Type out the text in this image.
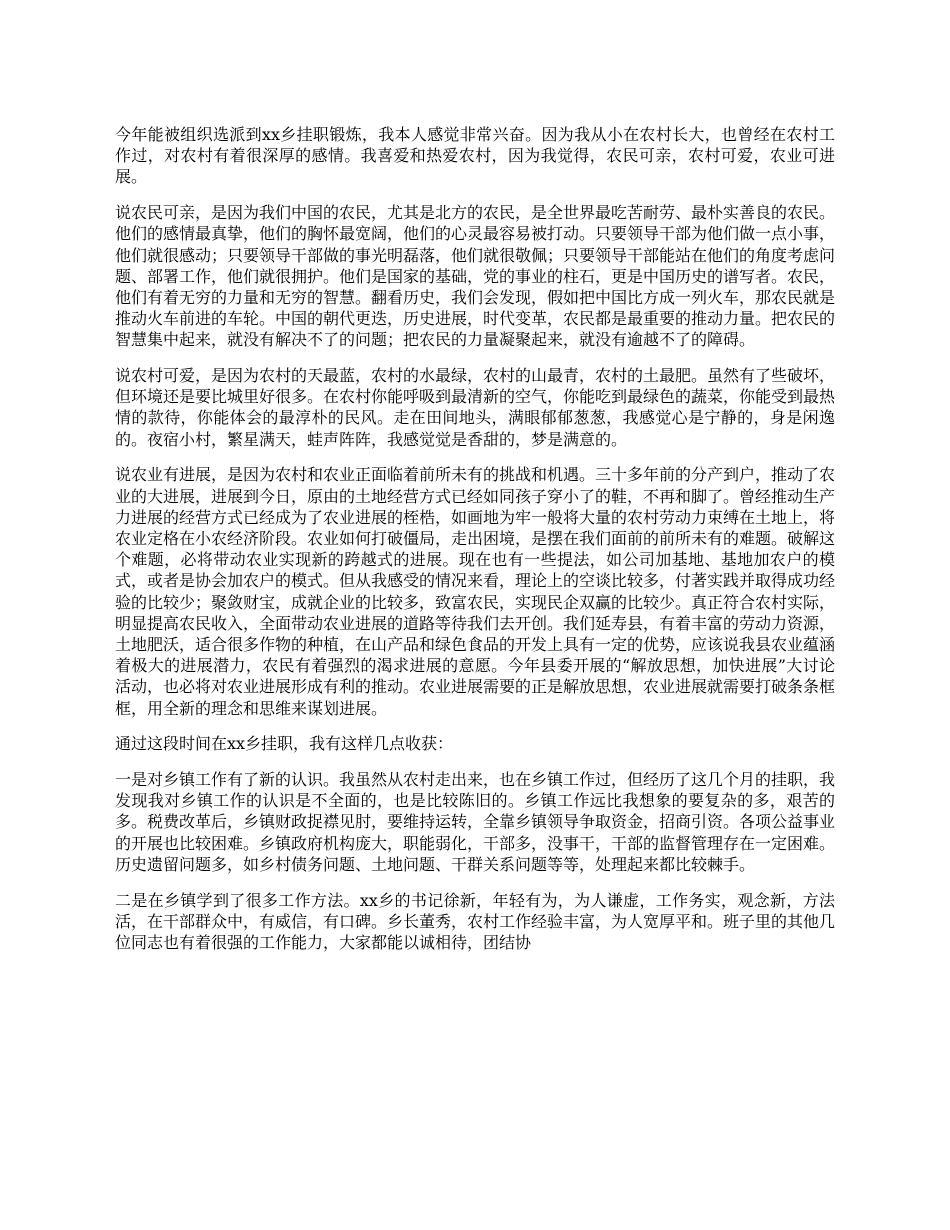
今年能被组织选派到xx乡挂职锻炼，我本人感觉非常兴奋。因为我从小在农村长大，也曾经在农村工作过，对农村有着很深厚的感情。我喜爱和热爱农村，因为我觉得，农民可亲，农村可爱，农业可进展。

说农民可亲，是因为我们中国的农民，尤其是北方的农民，是全世界最吃苦耐劳、最朴实善良的农民。他们的感情最真挚，他们的胸怀最宽阔，他们的心灵最容易被打动。只要领导干部为他们做一点小事，他们就很感动；只要领导干部做的事光明磊落，他们就很敬佩；只要领导干部能站在他们的角度考虑问题、部署工作，他们就很拥护。他们是国家的基础，党的事业的柱石，更是中国历史的谱写者。农民，他们有着无穷的力量和无穷的智慧。翻看历史，我们会发现，假如把中国比方成一列火车，那农民就是推动火车前进的车轮。中国的朝代更迭，历史进展，时代变革，农民都是最重要的推动力量。把农民的智慧集中起来，就没有解决不了的问题；把农民的力量凝聚起来，就没有逾越不了的障碍。

说农村可爱，是因为农村的天最蓝，农村的水最绿，农村的山最青，农村的土最肥。虽然有了些破坏，但环境还是要比城里好很多。在农村你能呼吸到最清新的空气，你能吃到最绿色的蔬菜，你能受到最热情的款待，你能体会的最淳朴的民风。走在田间地头，满眼郁郁葱葱，我感觉心是宁静的，身是闲逸的。夜宿小村，繁星满天，蛙声阵阵，我感觉觉是香甜的，梦是满意的。

说农业有进展，是因为农村和农业正面临着前所未有的挑战和机遇。三十多年前的分产到户，推动了农业的大进展，进展到今日，原由的土地经营方式已经如同孩子穿小了的鞋，不再和脚了。曾经推动生产力进展的经营方式已经成为了农业进展的桎梏，如画地为牢一般将大量的农村劳动力束缚在土地上，将农业定格在小农经济阶段。农业如何打破僵局，走出困境，是摆在我们面前的前所未有的难题。破解这个难题，必将带动农业实现新的跨越式的进展。现在也有一些提法，如公司加基地、基地加农户的模式，或者是协会加农户的模式。但从我感受的情况来看，理论上的空谈比较多，付著实践并取得成功经验的比较少；聚敛财宝，成就企业的比较多，致富农民，实现民企双赢的比较少。真正符合农村实际，明显提高农民收入，全面带动农业进展的道路等待我们去开创。我们延寿县，有着丰富的劳动力资源，土地肥沃，适合很多作物的种植，在山产品和绿色食品的开发上具有一定的优势，应该说我县农业蕴涵着极大的进展潜力，农民有着强烈的渴求进展的意愿。今年县委开展的“解放思想，加快进展”大讨论活动，也必将对农业进展形成有利的推动。农业进展需要的正是解放思想，农业进展就需要打破条条框框，用全新的理念和思维来谋划进展。

通过这段时间在xx乡挂职，我有这样几点收获：

一是对乡镇工作有了新的认识。我虽然从农村走出来，也在乡镇工作过，但经历了这几个月的挂职，我发现我对乡镇工作的认识是不全面的，也是比较陈旧的。乡镇工作远比我想象的要复杂的多，艰苦的多。税费改革后，乡镇财政捉襟见肘，要维持运转，全靠乡镇领导争取资金，招商引资。各项公益事业的开展也比较困难。乡镇政府机构庞大，职能弱化，干部多，没事干，干部的监督管理存在一定困难。历史遗留问题多，如乡村债务问题、土地问题、干群关系问题等等，处理起来都比较棘手。

二是在乡镇学到了很多工作方法。xx乡的书记徐新，年轻有为，为人谦虚，工作务实，观念新，方法活，在干部群众中，有威信，有口碑。乡长董秀，农村工作经验丰富，为人宽厚平和。班子里的其他几位同志也有着很强的工作能力，大家都能以诚相待，团结协
